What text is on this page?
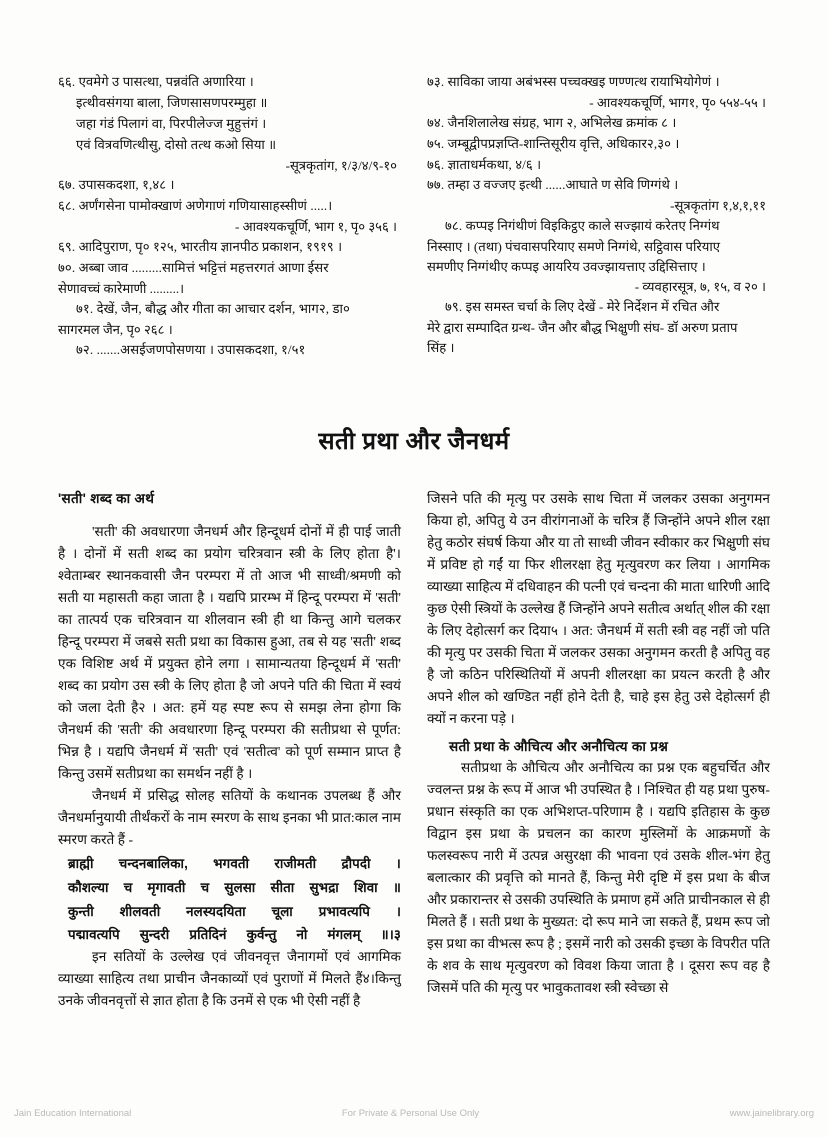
६६. एवमेगे उ पासत्था, पन्नवंति अणारिया ।
इत्थीवसंगया बाला, जिणसासणपरम्मुहा ॥
जहा गंडं पिलागं वा, पिरपीलेज्ज मुहुत्तंगं ।
एवं वित्रवणित्थीसु, दोसो तत्थ कओ सिया ॥
-सूत्रकृतांग, १/३/४/९-१०
६७. उपासकदशा, १,४८ ।
६८. अर्णंगसेना पामोक्खाणं अणेगाणं गणियासाहस्सीणं .....।
- आवश्यकचूर्णि, भाग १, पृ० ३५६ ।
६९. आदिपुराण, पृ० १२५, भारतीय ज्ञानपीठ प्रकाशन, १९१९ ।
७०. अब्बा जाव .........सामित्तं भट्टित्तं महत्तरगतं आणा ईसर
सेणावच्चं कारेमाणी .........।
७१. देखें, जैन, बौद्ध और गीता का आचार दर्शन, भाग२, डा०
सागरमल जैन, पृ० २६८ ।
७२. .......असईजणपोसणया । उपासकदशा, १/५१
७३. साविका जाया अबंभस्स पच्चक्खइ णण्णत्थ रायाभियोगेणं ।
- आवश्यकचूर्णि, भाग१, पृ० ५५४-५५ ।
७४. जैनशिलालेख संग्रह, भाग २, अभिलेख क्रमांक ८ ।
७५. जम्बूद्वीपप्रज्ञप्ति-शान्तिसूरीय वृत्ति, अधिकार२,३० ।
७६. ज्ञाताधर्मकथा, ४/६ ।
७७. तम्हा उ वज्जए इत्थी ......आघाते ण सेवि णिग्गंथे ।
-सूत्रकृतांग १,४,१,११
७८. कप्पइ निगंथीणं विइकिट्ठए काले सज्झायं करेतए निग्गंथ
निस्साए । (तथा) पंचवासपरियाए समणे निग्गंथे, सट्ठिवास परियाए
समणीए निग्गंथीए कप्पइ आयरिय उवज्झायत्ताए उद्दिसित्ताए ।
- व्यवहारसूत्र, ७, १५, व २० ।
७९. इस समस्त चर्चा के लिए देखें - मेरे निर्देशन में रचित और
मेरे द्वारा सम्पादित ग्रन्थ- जैन और बौद्ध भिक्षुणी संघ- डॉ अरुण प्रताप
सिंह ।
सती प्रथा और जैनधर्म
'सती' शब्द का अर्थ

'सती' की अवधारणा जैनधर्म और हिन्दूधर्म दोनों में ही पाई जाती है । दोनों में सती शब्द का प्रयोग चरित्रवान स्त्री के लिए होता है'। श्वेताम्बर स्थानकवासी जैन परम्परा में तो आज भी साध्वी/श्रमणी को सती या महासती कहा जाता है । यद्यपि प्रारम्भ में हिन्दू परम्परा में 'सती' का तात्पर्य एक चरित्रवान या शीलवान स्त्री ही था किन्तु आगे चलकर हिन्दू परम्परा में जबसे सती प्रथा का विकास हुआ, तब से यह 'सती' शब्द एक विशिष्ट अर्थ में प्रयुक्त होने लगा । सामान्यतया हिन्दूधर्म में 'सती' शब्द का प्रयोग उस स्त्री के लिए होता है जो अपने पति की चिता में स्वयं को जला देती है२ । अत: हमें यह स्पष्ट रूप से समझ लेना होगा कि जैनधर्म की 'सती' की अवधारणा हिन्दू परम्परा की सतीप्रथा से पूर्णत: भिन्न है । यद्यपि जैनधर्म में 'सती' एवं 'सतीत्व' को पूर्ण सम्मान प्राप्त है किन्तु उसमें सतीप्रथा का समर्थन नहीं है ।

जैनधर्म में प्रसिद्ध सोलह सतियों के कथानक उपलब्ध हैं और जैनधर्मानुयायी तीर्थंकरों के नाम स्मरण के साथ इनका भी प्रात:काल नाम स्मरण करते हैं -

ब्राह्मी चन्दनबालिका, भगवती राजीमती द्रौपदी ।
कौशल्या च मृगावती च सुलसा सीता सुभद्रा शिवा ॥
कुन्ती शीलवती नलस्यदयिता चूला प्रभावत्यपि ।
पद्मावत्यपि सुन्दरी प्रतिदिनं कुर्वन्तु नो मंगलम् ॥।३

इन सतियों के उल्लेख एवं जीवनवृत्त जैनागमों एवं आगमिक व्याख्या साहित्य तथा प्राचीन जैनकाव्यों एवं पुराणों में मिलते हैं४।किन्तु उनके जीवनवृत्तों से ज्ञात होता है कि उनमें से एक भी ऐसी नहीं है

जिसने पति की मृत्यु पर उसके साथ चिता में जलकर उसका अनुगमन किया हो, अपितु ये उन वीरांगनाओं के चरित्र हैं जिन्होंने अपने शील रक्षा हेतु कठोर संघर्ष किया और या तो साध्वी जीवन स्वीकार कर भिक्षुणी संघ में प्रविष्ट हो गईं या फिर शीलरक्षा हेतु मृत्युवरण कर लिया । आगमिक व्याख्या साहित्य में दधिवाहन की पत्नी एवं चन्दना की माता धारिणी आदि कुछ ऐसी स्त्रियों के उल्लेख हैं जिन्होंने अपने सतीत्व अर्थात् शील की रक्षा के लिए देहोत्सर्ग कर दिया५ । अत: जैनधर्म में सती स्त्री वह नहीं जो पति की मृत्यु पर उसकी चिता में जलकर उसका अनुगमन करती है अपितु वह है जो कठिन परिस्थितियों में अपनी शीलरक्षा का प्रयत्न करती है और अपने शील को खण्डित नहीं होने देती है, चाहे इस हेतु उसे देहोत्सर्ग ही क्यों न करना पड़े ।

सती प्रथा के औचित्य और अनौचित्य का प्रश्न

सतीप्रथा के औचित्य और अनौचित्य का प्रश्न एक बहुचर्चित और ज्वलन्त प्रश्न के रूप में आज भी उपस्थित है । निश्चित ही यह प्रथा पुरुष-प्रधान संस्कृति का एक अभिशप्त-परिणाम है । यद्यपि इतिहास के कुछ विद्वान इस प्रथा के प्रचलन का कारण मुस्लिमों के आक्रमणों के फलस्वरूप नारी में उत्पन्न असुरक्षा की भावना एवं उसके शील-भंग हेतु बलात्कार की प्रवृत्ति को मानते हैं, किन्तु मेरी दृष्टि में इस प्रथा के बीज और प्रकारान्तर से उसकी उपस्थिति के प्रमाण हमें अति प्राचीनकाल से ही मिलते हैं । सती प्रथा के मुख्यत: दो रूप माने जा सकते हैं, प्रथम रूप जो इस प्रथा का वीभत्स रूप है ; इसमें नारी को उसकी इच्छा के विपरीत पति के शव के साथ मृत्युवरण को विवश किया जाता है । दूसरा रूप वह है जिसमें पति की मृत्यु पर भावुकतावश स्त्री स्वेच्छा से

Jain Education International	For Private & Personal Use Only	www.jainelibrary.org
